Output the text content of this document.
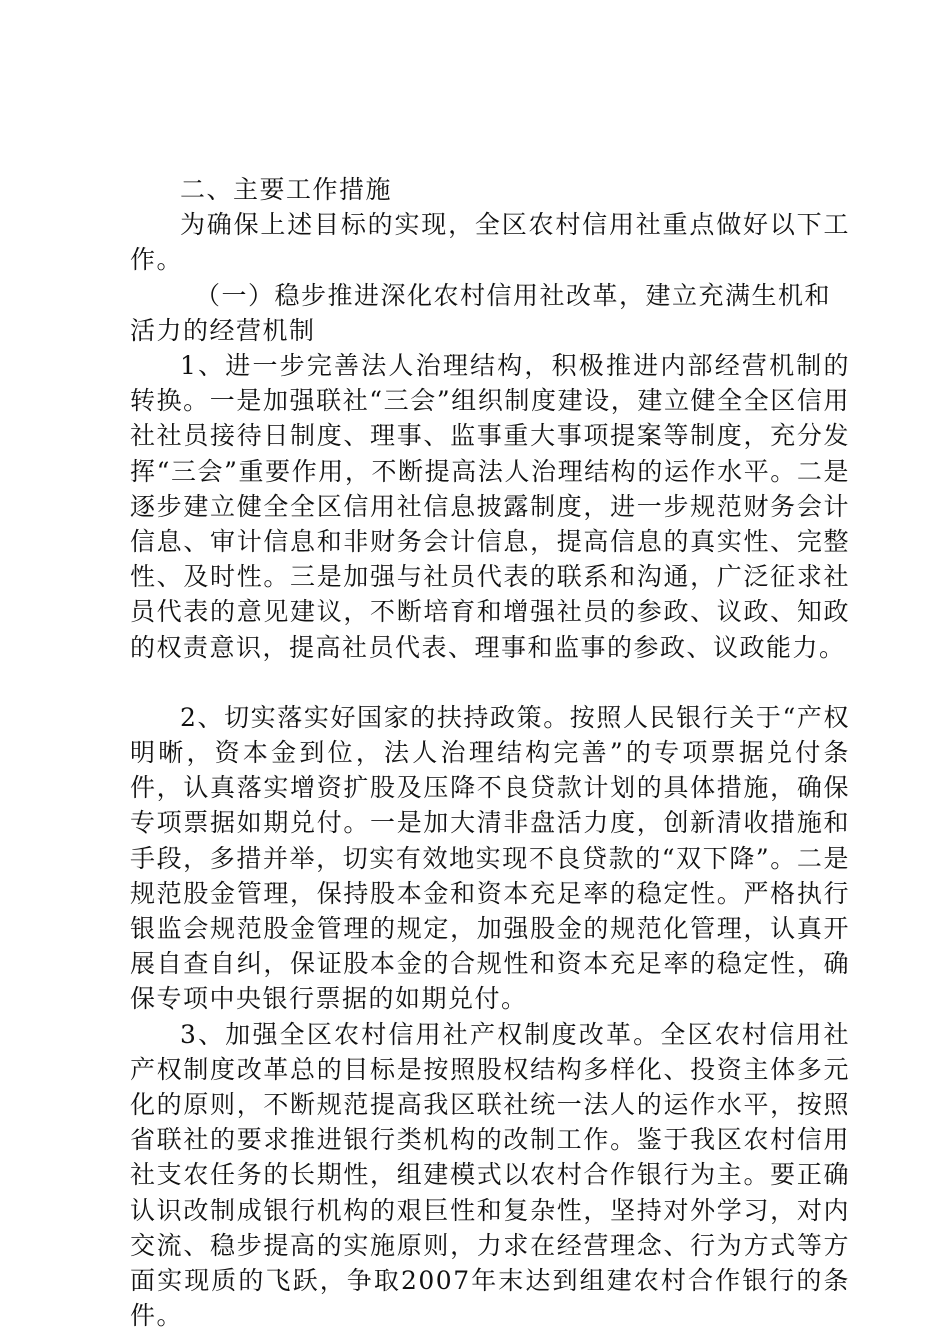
二、主要工作措施

为确保上述目标的实现，全区农村信用社重点做好以下工作。

（一）稳步推进深化农村信用社改革，建立充满生机和活力的经营机制

1、进一步完善法人治理结构，积极推进内部经营机制的转换。一是加强联社“三会”组织制度建设，建立健全全区信用社社员接待日制度、理事、监事重大事项提案等制度，充分发挥“三会”重要作用，不断提高法人治理结构的运作水平。二是逐步建立健全全区信用社信息披露制度，进一步规范财务会计信息、审计信息和非财务会计信息，提高信息的真实性、完整性、及时性。三是加强与社员代表的联系和沟通，广泛征求社员代表的意见建议，不断培育和增强社员的参政、议政、知政的权责意识，提高社员代表、理事和监事的参政、议政能力。

2、切实落实好国家的扶持政策。按照人民银行关于“产权明晰，资本金到位，法人治理结构完善”的专项票据兑付条件，认真落实增资扩股及压降不良贷款计划的具体措施，确保专项票据如期兑付。一是加大清非盘活力度，创新清收措施和手段，多措并举，切实有效地实现不良贷款的“双下降”。二是规范股金管理，保持股本金和资本充足率的稳定性。严格执行银监会规范股金管理的规定，加强股金的规范化管理，认真开展自查自纠，保证股本金的合规性和资本充足率的稳定性，确保专项中央银行票据的如期兑付。

3、加强全区农村信用社产权制度改革。全区农村信用社产权制度改革总的目标是按照股权结构多样化、投资主体多元化的原则，不断规范提高我区联社统一法人的运作水平，按照省联社的要求推进银行类机构的改制工作。鉴于我区农村信用社支农任务的长期性，组建模式以农村合作银行为主。要正确认识改制成银行机构的艰巨性和复杂性，坚持对外学习，对内交流、稳步提高的实施原则，力求在经营理念、行为方式等方面实现质的飞跃，争取2007年末达到组建农村合作银行的条件。
